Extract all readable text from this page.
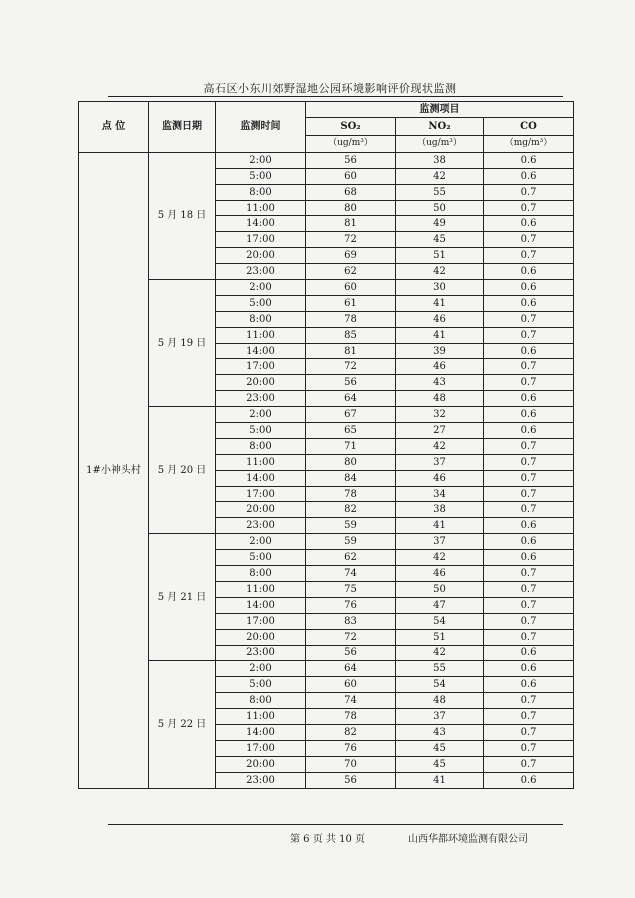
高石区小东川郊野湿地公园环境影响评价现状监测
点 位	监测日期	监测时间	监测项目		
			SO₂	NO₂	CO
			（ug/m³）	（ug/m³）	（mg/m³）
1#小神头村	5 月 18 日	2:00	56	38	0.6
		5:00	60	42	0.6
		8:00	68	55	0.7
		11:00	80	50	0.7
		14:00	81	49	0.6
		17:00	72	45	0.7
		20:00	69	51	0.7
		23:00	62	42	0.6
	5 月 19 日	2:00	60	30	0.6
		5:00	61	41	0.6
		8:00	78	46	0.7
		11:00	85	41	0.7
		14:00	81	39	0.6
		17:00	72	46	0.7
		20:00	56	43	0.7
		23:00	64	48	0.6
	5 月 20 日	2:00	67	32	0.6
		5:00	65	27	0.6
		8:00	71	42	0.7
		11:00	80	37	0.7
		14:00	84	46	0.7
		17:00	78	34	0.7
		20:00	82	38	0.7
		23:00	59	41	0.6
	5 月 21 日	2:00	59	37	0.6
		5:00	62	42	0.6
		8:00	74	46	0.7
		11:00	75	50	0.7
		14:00	76	47	0.7
		17:00	83	54	0.7
		20:00	72	51	0.7
		23:00	56	42	0.6
	5 月 22 日	2:00	64	55	0.6
		5:00	60	54	0.6
		8:00	74	48	0.7
		11:00	78	37	0.7
		14:00	82	43	0.7
		17:00	76	45	0.7
		20:00	70	45	0.7
		23:00	56	41	0.6
第 6 页 共 10 页	山西华都环境监测有限公司
